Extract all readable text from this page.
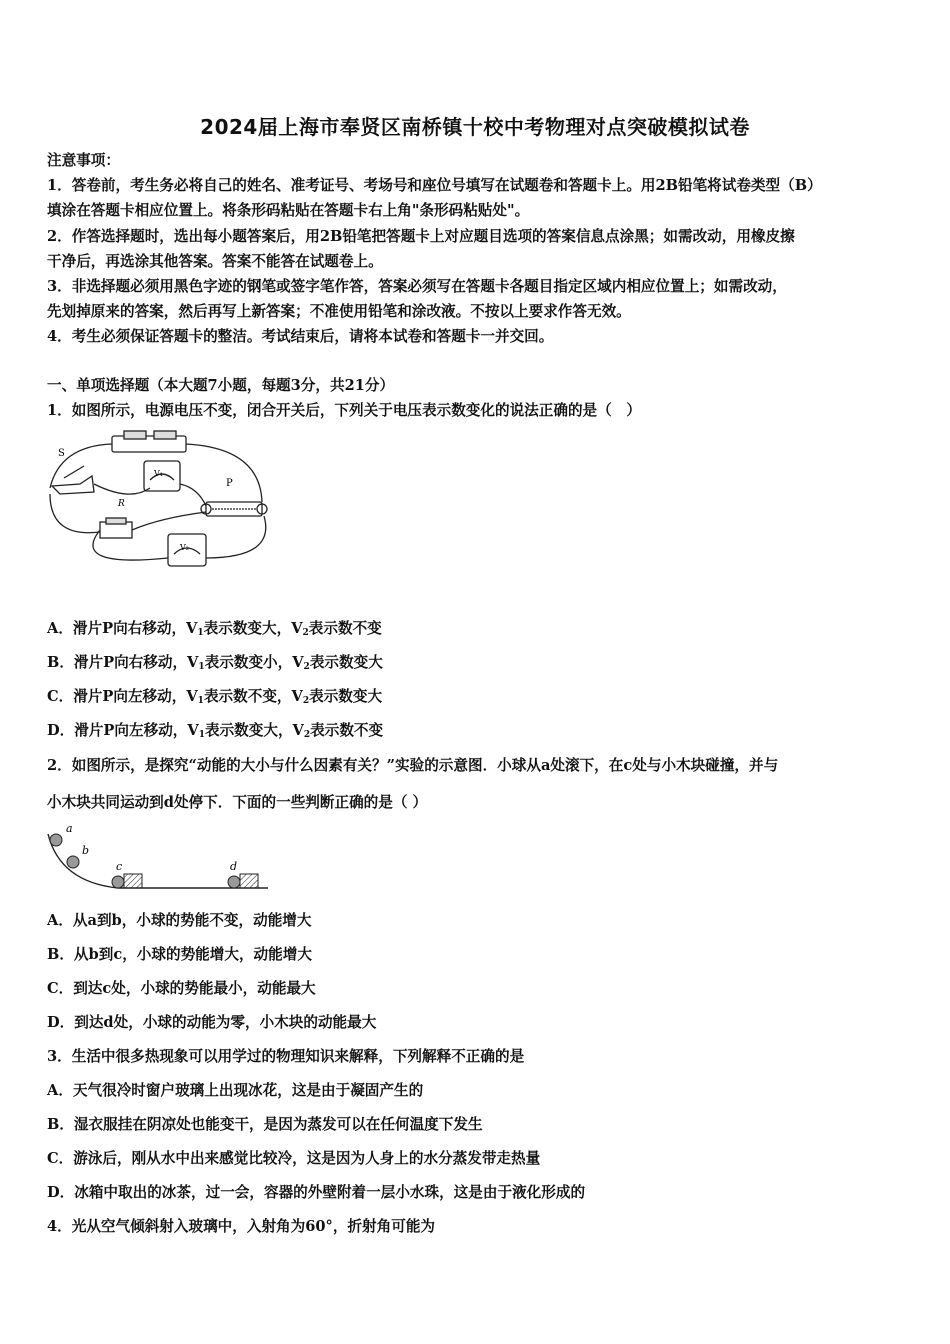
2024届上海市奉贤区南桥镇十校中考物理对点突破模拟试卷
注意事项：
1．答卷前，考生务必将自己的姓名、准考证号、考场号和座位号填写在试题卷和答题卡上。用2B铅笔将试卷类型（B）
填涂在答题卡相应位置上。将条形码粘贴在答题卡右上角"条形码粘贴处"。
2．作答选择题时，选出每小题答案后，用2B铅笔把答题卡上对应题目选项的答案信息点涂黑；如需改动，用橡皮擦
干净后，再选涂其他答案。答案不能答在试题卷上。
3．非选择题必须用黑色字迹的钢笔或签字笔作答，答案必须写在答题卡各题目指定区域内相应位置上；如需改动，
先划掉原来的答案，然后再写上新答案；不准使用铅笔和涂改液。不按以上要求作答无效。
4．考生必须保证答题卡的整洁。考试结束后，请将本试卷和答题卡一并交回。
一、单项选择题（本大题7小题，每题3分，共21分）
1．如图所示，电源电压不变，闭合开关后，下列关于电压表示数变化的说法正确的是（　）
S
R
P
V₁
V₂
A．滑片P向右移动，$V_1$表示数变大，$V_2$表示数不变
B．滑片P向右移动，$V_1$表示数变小，$V_2$表示数变大
C．滑片P向左移动，$V_1$表示数不变，$V_2$表示数变大
D．滑片P向左移动，$V_1$表示数变大，$V_2$表示数不变
2．如图所示，是探究“动能的大小与什么因素有关？”实验的示意图．小球从a处滚下，在c处与小木块碰撞，并与
小木块共同运动到d处停下．下面的一些判断正确的是（ ）
a
b
c	d
A．从a到b，小球的势能不变，动能增大
B．从b到c，小球的势能增大，动能增大
C．到达c处，小球的势能最小，动能最大
D．到达d处，小球的动能为零，小木块的动能最大
3．生活中很多热现象可以用学过的物理知识来解释，下列解释不正确的是
A．天气很冷时窗户玻璃上出现冰花，这是由于凝固产生的
B．湿衣服挂在阴凉处也能变干，是因为蒸发可以在任何温度下发生
C．游泳后，刚从水中出来感觉比较冷，这是因为人身上的水分蒸发带走热量
D．冰箱中取出的冰茶，过一会，容器的外壁附着一层小水珠，这是由于液化形成的
4．光从空气倾斜射入玻璃中，入射角为60°，折射角可能为
